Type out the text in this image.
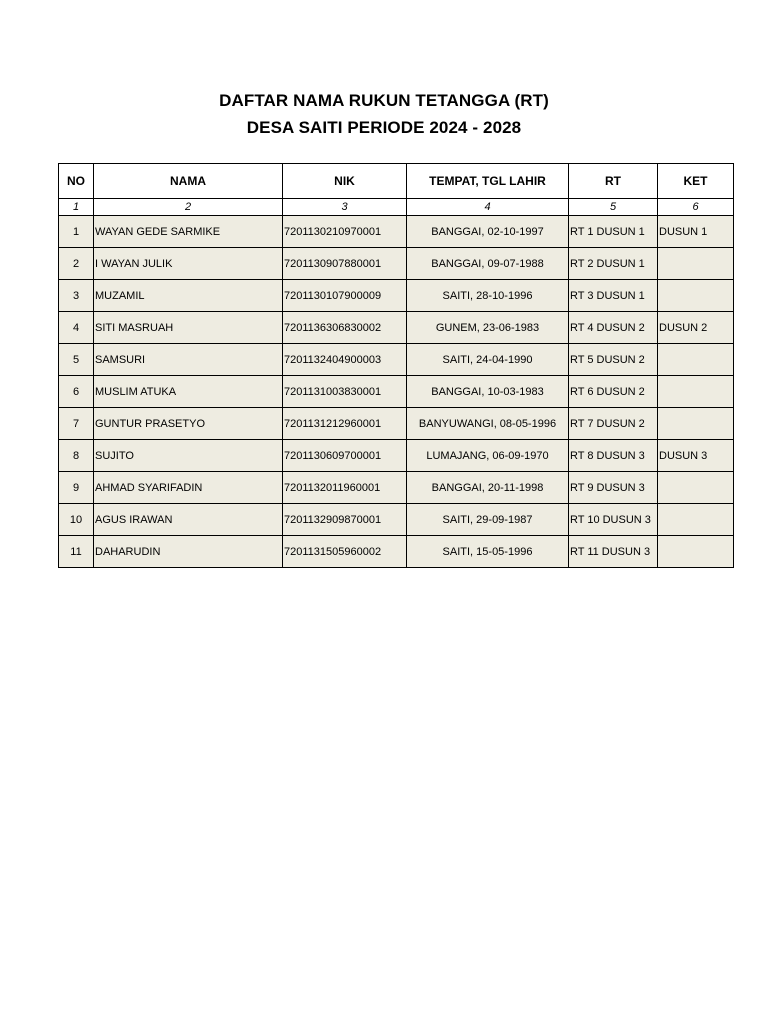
DAFTAR NAMA RUKUN TETANGGA (RT)
DESA SAITI PERIODE 2024 - 2028
NO	NAMA	NIK	TEMPAT, TGL LAHIR	RT	KET
1	2	3	4	5	6
1	WAYAN GEDE SARMIKE	7201130210970001	BANGGAI, 02-10-1997	RT 1 DUSUN 1	DUSUN 1
2	I WAYAN JULIK	7201130907880001	BANGGAI, 09-07-1988	RT 2 DUSUN 1	
3	MUZAMIL	7201130107900009	SAITI, 28-10-1996	RT 3 DUSUN 1	
4	SITI MASRUAH	7201136306830002	GUNEM, 23-06-1983	RT 4 DUSUN 2	DUSUN 2
5	SAMSURI	7201132404900003	SAITI, 24-04-1990	RT 5 DUSUN 2	
6	MUSLIM ATUKA	7201131003830001	BANGGAI, 10-03-1983	RT 6 DUSUN 2	
7	GUNTUR PRASETYO	7201131212960001	BANYUWANGI, 08-05-1996	RT 7 DUSUN 2	
8	SUJITO	7201130609700001	LUMAJANG, 06-09-1970	RT 8 DUSUN 3	DUSUN 3
9	AHMAD SYARIFADIN	7201132011960001	BANGGAI, 20-11-1998	RT 9 DUSUN 3	
10	AGUS IRAWAN	7201132909870001	SAITI, 29-09-1987	RT 10 DUSUN 3	
11	DAHARUDIN	7201131505960002	SAITI, 15-05-1996	RT 11 DUSUN 3	
